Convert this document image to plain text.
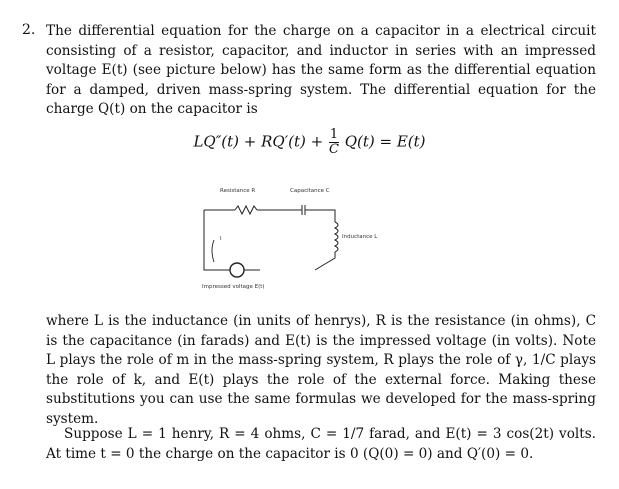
2. The differential equation for the charge on a capacitor in a electrical circuit consisting of a resistor, capacitor, and inductor in series with an impressed voltage E(t) (see picture below) has the same form as the differential equation for a damped, driven mass-spring system. The differential equation for the charge Q(t) on the capacitor is
$LQ''(t) + RQ'(t) + \frac{1}{C} Q(t) = E(t)$
Resistance R	Capacitance C
Inductance L
I
Impressed voltage E(t)
where L is the inductance (in units of henrys), R is the resistance (in ohms), C is the capacitance (in farads) and E(t) is the impressed voltage (in volts). Note L plays the role of m in the mass-spring system, R plays the role of γ, 1/C plays the role of k, and E(t) plays the role of the external force. Making these substitutions you can use the same formulas we developed for the mass-spring system.
Suppose L = 1 henry, R = 4 ohms, C = 1/7 farad, and E(t) = 3 cos(2t) volts. At time t = 0 the charge on the capacitor is 0 (Q(0) = 0) and Q′(0) = 0.
